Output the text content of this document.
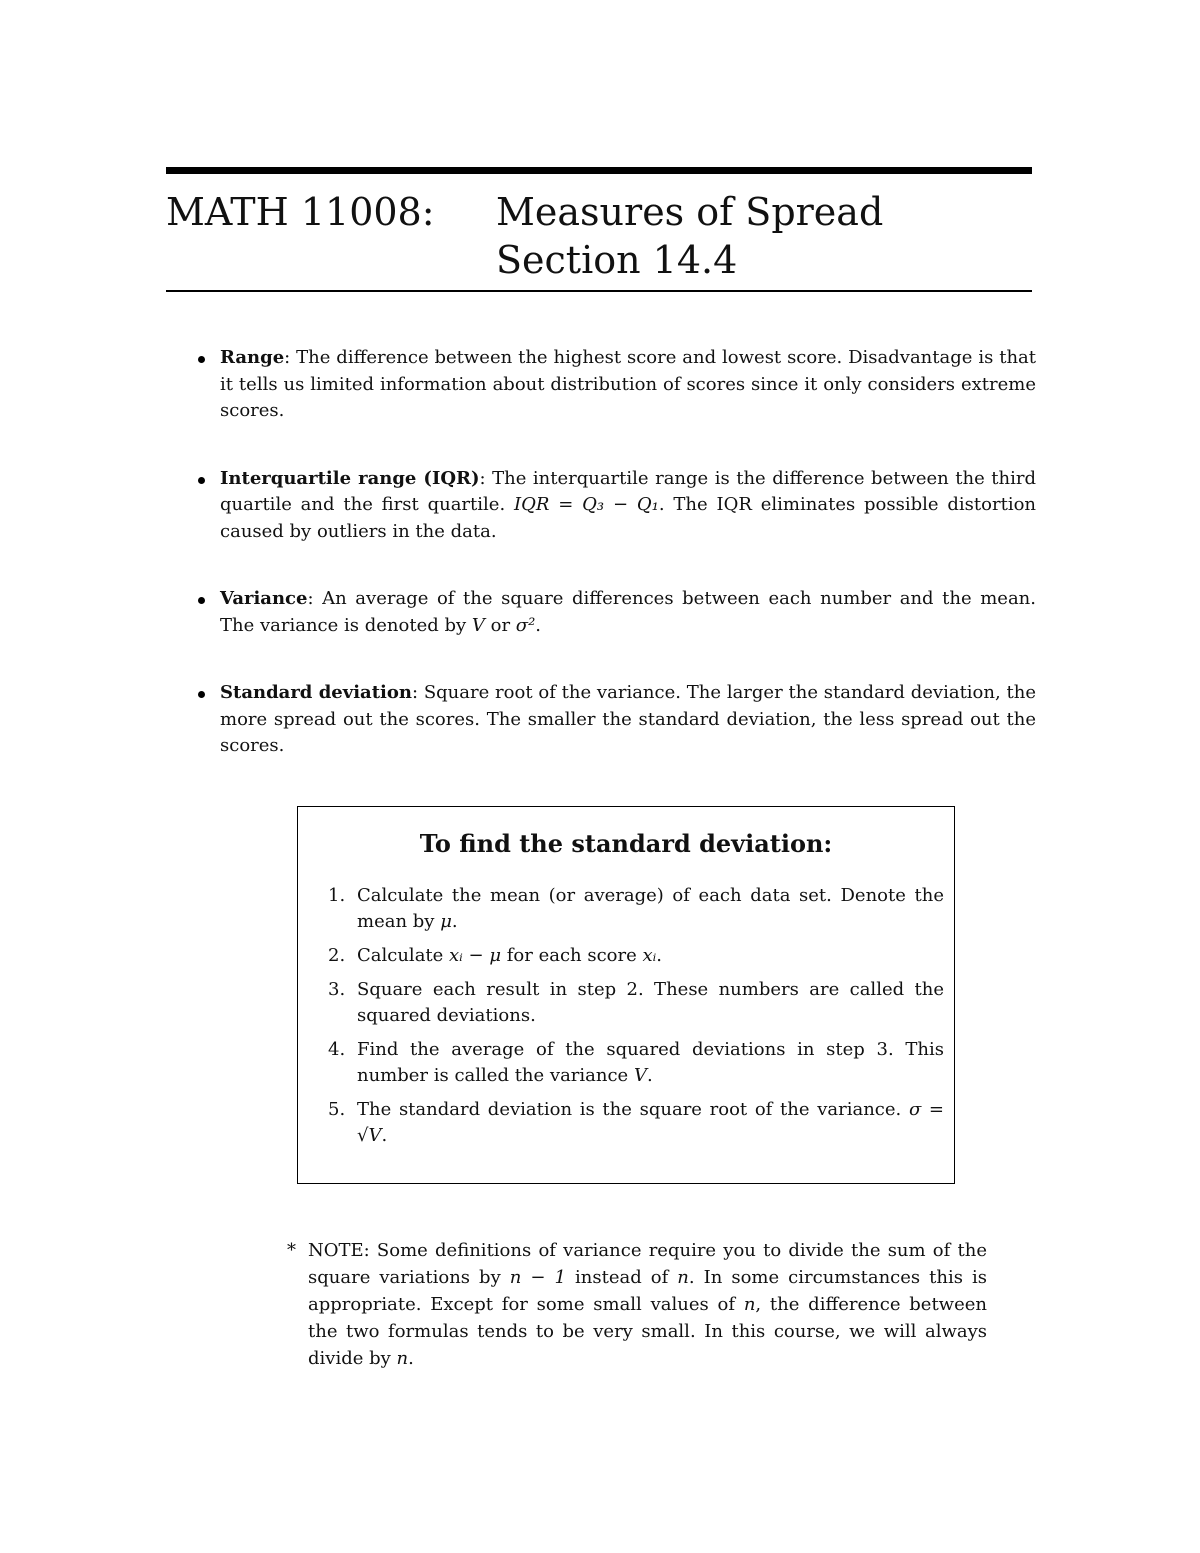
MATH 11008: Measures of Spread
Section 14.4
Range: The difference between the highest score and lowest score. Disadvantage is that it tells us limited information about distribution of scores since it only considers extreme scores.
Interquartile range (IQR): The interquartile range is the difference between the third quartile and the first quartile. IQR = Q₃ − Q₁. The IQR eliminates possible distortion caused by outliers in the data.
Variance: An average of the square differences between each number and the mean. The variance is denoted by V or σ².
Standard deviation: Square root of the variance. The larger the standard deviation, the more spread out the scores. The smaller the standard deviation, the less spread out the scores.
To find the standard deviation:
1. Calculate the mean (or average) of each data set. Denote the mean by μ.
2. Calculate xᵢ − μ for each score xᵢ.
3. Square each result in step 2. These numbers are called the squared deviations.
4. Find the average of the squared deviations in step 3. This number is called the variance V.
5. The standard deviation is the square root of the variance. σ = √V.
* NOTE: Some definitions of variance require you to divide the sum of the square variations by n − 1 instead of n. In some circumstances this is appropriate. Except for some small values of n, the difference between the two formulas tends to be very small. In this course, we will always divide by n.
